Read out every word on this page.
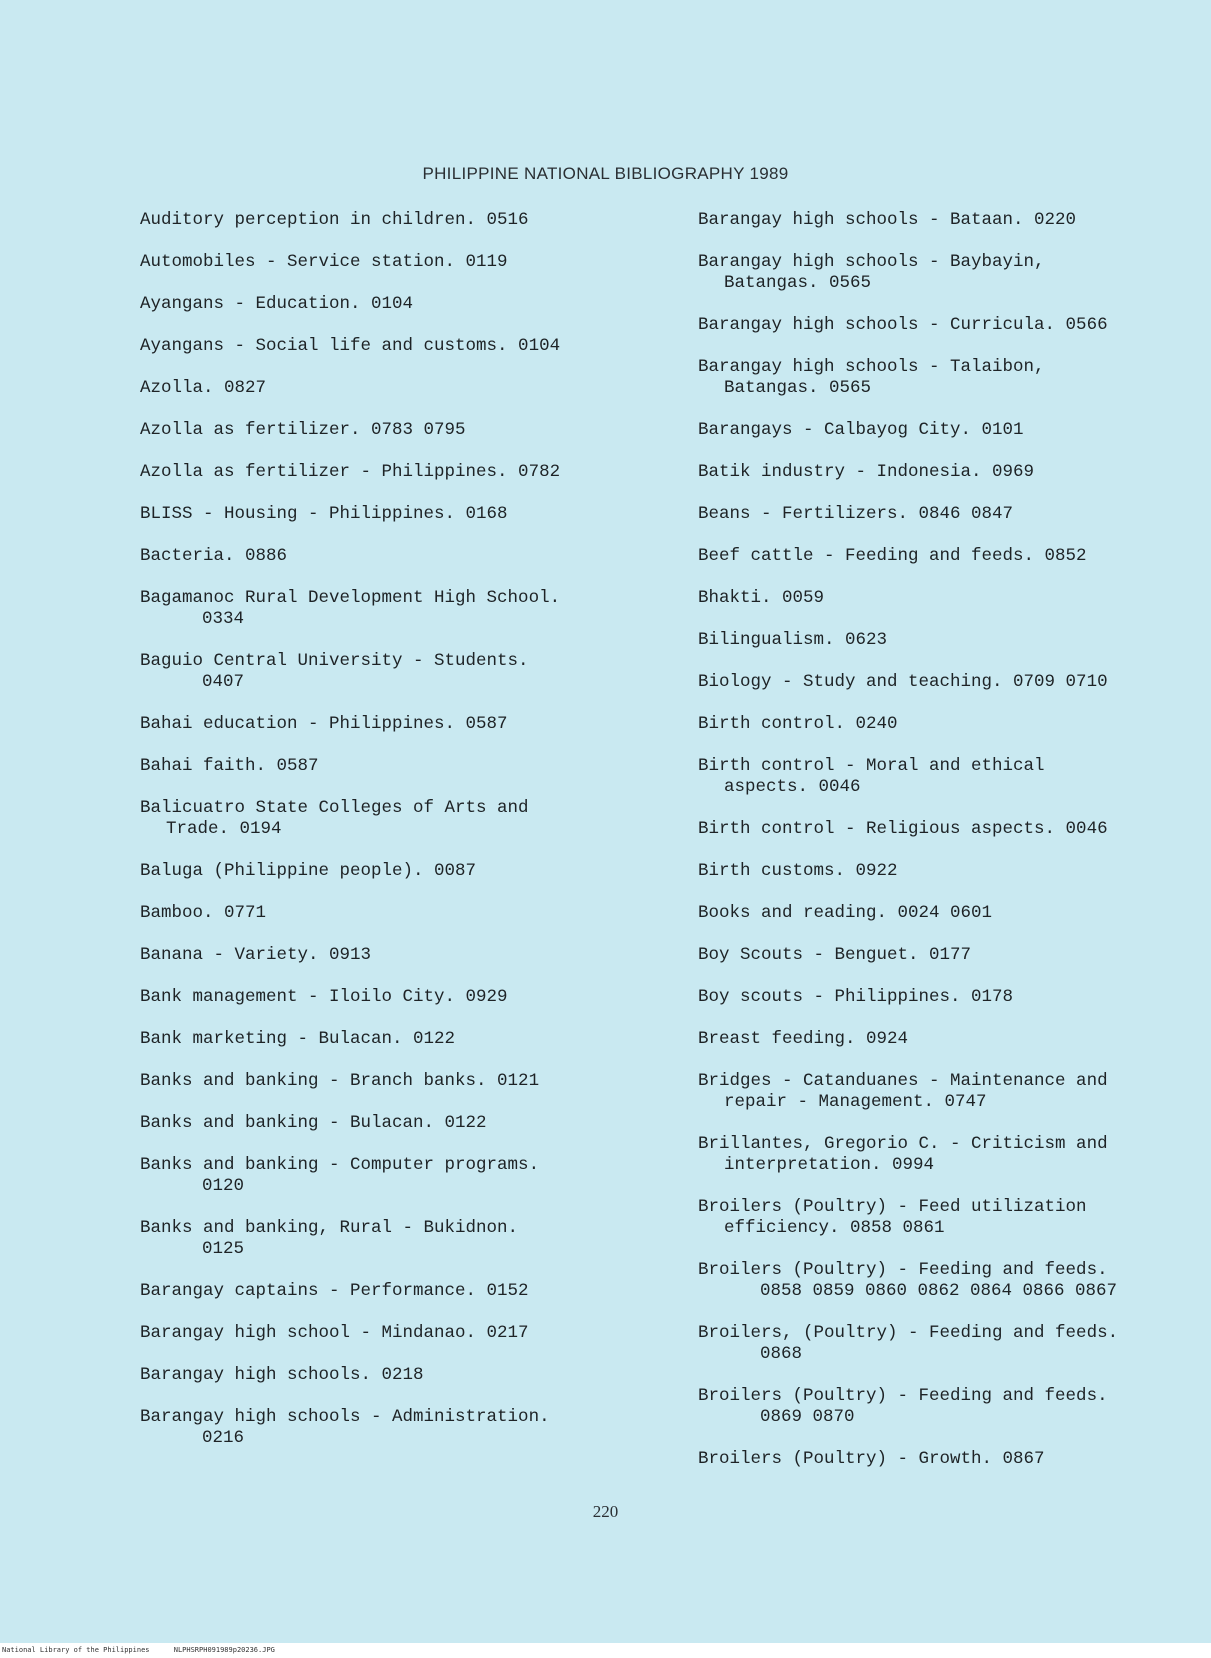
PHILIPPINE NATIONAL BIBLIOGRAPHY 1989
Auditory perception in children. 0516
Automobiles - Service station. 0119
Ayangans - Education. 0104
Ayangans - Social life and customs. 0104
Azolla. 0827
Azolla as fertilizer. 0783 0795
Azolla as fertilizer - Philippines. 0782
BLISS - Housing - Philippines. 0168
Bacteria. 0886
Bagamanoc Rural Development High School.
0334
Baguio Central University - Students.
0407
Bahai education - Philippines. 0587
Bahai faith. 0587
Balicuatro State Colleges of Arts and
Trade. 0194
Baluga (Philippine people). 0087
Bamboo. 0771
Banana - Variety. 0913
Bank management - Iloilo City. 0929
Bank marketing - Bulacan. 0122
Banks and banking - Branch banks. 0121
Banks and banking - Bulacan. 0122
Banks and banking - Computer programs.
0120
Banks and banking, Rural - Bukidnon.
0125
Barangay captains - Performance. 0152
Barangay high school - Mindanao. 0217
Barangay high schools. 0218
Barangay high schools - Administration.
0216
Barangay high schools - Bataan. 0220
Barangay high schools - Baybayin,
Batangas. 0565
Barangay high schools - Curricula. 0566
Barangay high schools - Talaibon,
Batangas. 0565
Barangays - Calbayog City. 0101
Batik industry - Indonesia. 0969
Beans - Fertilizers. 0846 0847
Beef cattle - Feeding and feeds. 0852
Bhakti. 0059
Bilingualism. 0623
Biology - Study and teaching. 0709 0710
Birth control. 0240
Birth control - Moral and ethical
aspects. 0046
Birth control - Religious aspects. 0046
Birth customs. 0922
Books and reading. 0024 0601
Boy Scouts - Benguet. 0177
Boy scouts - Philippines. 0178
Breast feeding. 0924
Bridges - Catanduanes - Maintenance and
repair - Management. 0747
Brillantes, Gregorio C. - Criticism and
interpretation. 0994
Broilers (Poultry) - Feed utilization
efficiency. 0858 0861
Broilers (Poultry) - Feeding and feeds.
0858 0859 0860 0862 0864 0866 0867
Broilers, (Poultry) - Feeding and feeds.
0868
Broilers (Poultry) - Feeding and feeds.
0869 0870
Broilers (Poultry) - Growth. 0867
220
National Library of the Philippines	NLPHSRPH091989p20236.JPG
